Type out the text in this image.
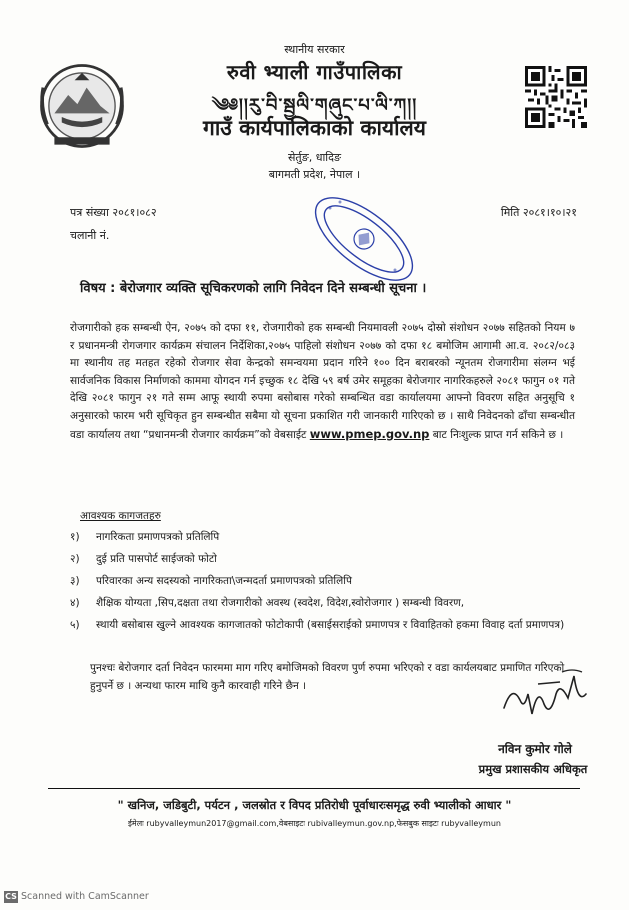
स्थानीय सरकार
रुवी भ्याली गाउँपालिका
༄༅།།རུ་བི་སྦྱལི་གཞུང་པ་ལི་ཀ།།
गाउँ कार्यपालिकाको कार्यालय
सेर्तुङ, धादिङ
बागमती प्रदेश, नेपाल ।
पत्र संख्या २०८१।०८२
चलानी नं.
मिति २०८१।१०।२१
विषय : बेरोजगार व्यक्ति सूचिकरणको लागि निवेदन दिने सम्बन्धी सूचना ।
रोजगारीको हक सम्बन्धी ऐन, २०७५ को दफा ११, रोजगारीको हक सम्बन्धी नियमावली २०७५ दोस्रो संशोधन २०७७ सहितको नियम ७ र प्रधानमन्त्री रोगजगार कार्यक्रम संचालन निर्देशिका,२०७५ पाहिलो संशोधन २०७७ को दफा १८ बमोजिम आगामी आ.व. २०८२/०८३ मा स्थानीय तह मतहत रहेको रोजगार सेवा केन्द्रको समन्वयमा प्रदान गरिने १०० दिन बराबरको न्यूनतम रोजगारीमा संलग्न भई सार्वजनिक विकास निर्माणको काममा योगदन गर्न इच्छुक १८ देखि ५९ बर्ष उमेर समूहका बेरोजगार नागरिकहरुले २०८१ फागुन ०१ गते देखि २०८१ फागुन २१ गते सम्म आफू स्थायी रुपमा बसोबास गरेको सम्बन्धित वडा कार्यालयमा आफ्नो विवरण सहित अनुसूचि १ अनुसारको फारम भरी सूचिकृत हुन सम्बन्धीत सबैमा यो सूचना प्रकाशित गरी जानकारी गारिएको छ । साथै निवेदनको ढाँचा सम्बन्धीत वडा कार्यालय तथा “प्रधानमन्त्री रोजगार कार्यक्रम”को वेबसाईट www.pmep.gov.np बाट निःशुल्क प्राप्त गर्न सकिने छ ।
आवश्यक कागजतहरु
१) नागरिकता प्रमाणपत्रको प्रतिलिपि
२) दुई प्रति पासपोर्ट साईजको फोटो
३) परिवारका अन्य सदस्यको नागरिकता\जन्मदर्ता प्रमाणपत्रको प्रतिलिपि
४) शैक्षिक योग्यता ,सिप,दक्षता तथा रोजगारीको अवस्थ (स्वदेश, विदेश,स्वोरोजगार ) सम्बन्धी विवरण,
५) स्थायी बसोबास खुल्ने आवश्यक कागजातको फोटोकापी (बसाईसराईको प्रमाणपत्र र विवाहितको हकमा विवाह दर्ता प्रमाणपत्र)
पुनश्चः बेरोजगार दर्ता निवेदन फारममा माग गरिए बमोजिमको विवरण पुर्ण रुपमा भरिएको र वडा कार्यलयबाट प्रमाणित गरिएको हुनुपर्ने छ । अन्यथा फारम माथि कुनै कारवाही गरिने छैन ।
नविन कुमोर गोले
प्रमुख प्रशासकीय अधिकृत
" खनिज, जडिबुटी, पर्यटन , जलस्रोत र विपद प्रतिरोधी पूर्वाधारःसमृद्ध रुवी भ्यालीको आधार "
ईमेलः rubyvalleymun2017@gmail.com,वेबसाइटः rubivalleymun.gov.np,फेसबुक साइटः rubyvalleymun
CS Scanned with CamScanner
